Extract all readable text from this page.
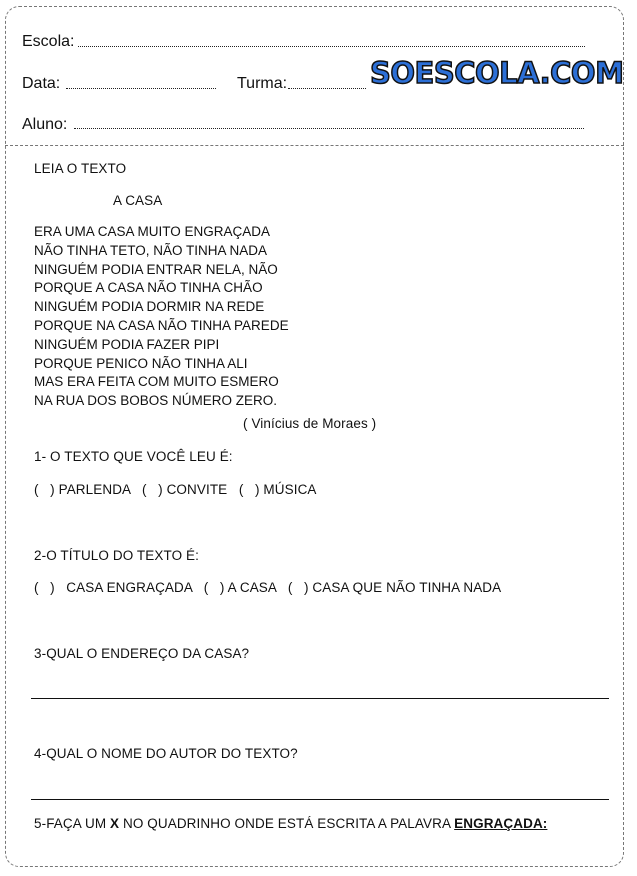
Escola:
Data:	Turma:	SOESCOLA.COM
Aluno:
LEIA O TEXTO
A CASA
ERA UMA CASA MUITO ENGRAÇADA
NÃO TINHA TETO, NÃO TINHA NADA
NINGUÉM PODIA ENTRAR NELA, NÃO
PORQUE A CASA NÃO TINHA CHÃO
NINGUÉM PODIA DORMIR NA REDE
PORQUE NA CASA NÃO TINHA PAREDE
NINGUÉM PODIA FAZER PIPI
PORQUE PENICO NÃO TINHA ALI
MAS ERA FEITA COM MUITO ESMERO
NA RUA DOS BOBOS NÚMERO ZERO.
( Vinícius de Moraes )
1- O TEXTO QUE VOCÊ LEU É:
(   ) PARLENDA   (   ) CONVITE   (   ) MÚSICA
2-O TÍTULO DO TEXTO É:
(   )   CASA ENGRAÇADA   (   ) A CASA   (   ) CASA QUE NÃO TINHA NADA
3-QUAL O ENDEREÇO DA CASA?
4-QUAL O NOME DO AUTOR DO TEXTO?
5-FAÇA UM X NO QUADRINHO ONDE ESTÁ ESCRITA A PALAVRA ENGRAÇADA:
